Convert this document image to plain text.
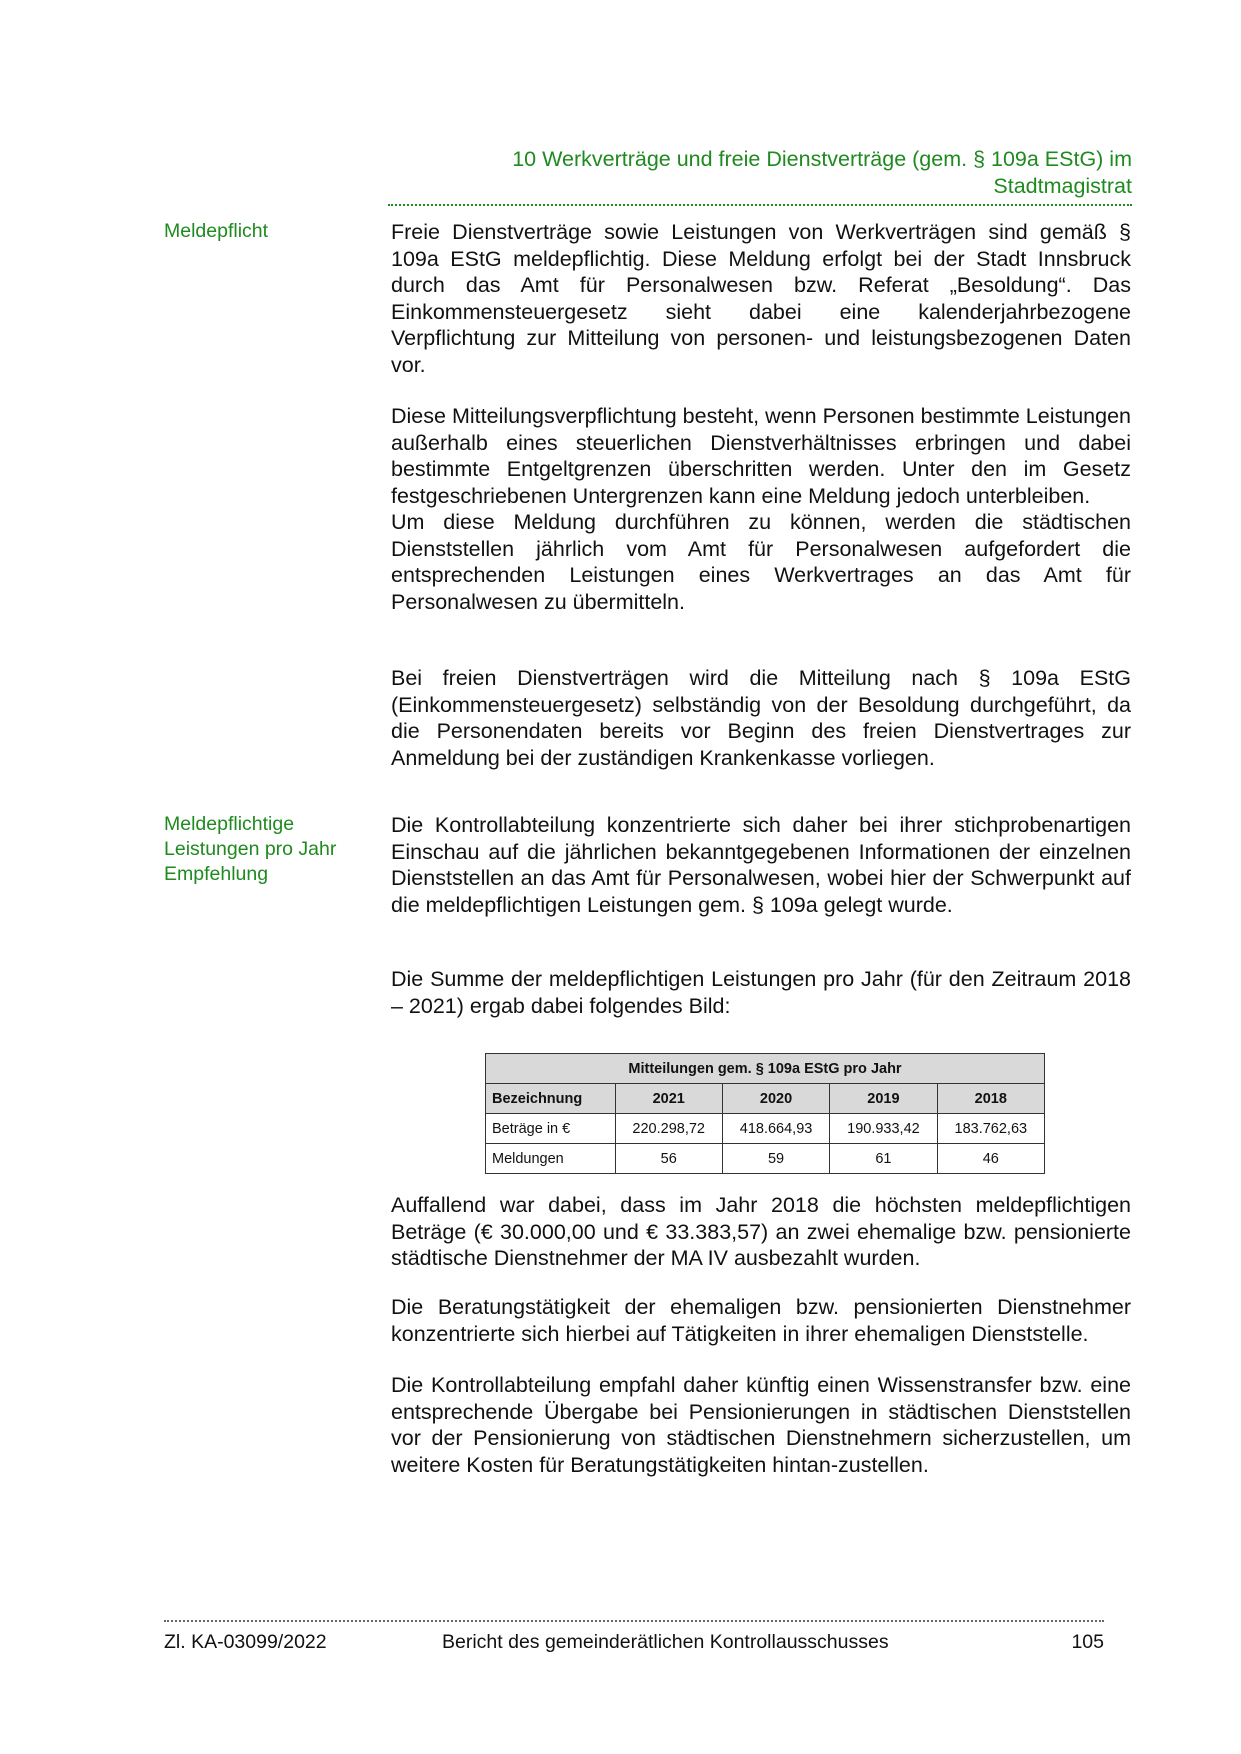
10 Werkverträge und freie Dienstverträge (gem. § 109a EStG) im
Stadtmagistrat
Meldepflicht
Meldepflichtige
Leistungen pro Jahr
Empfehlung

Freie Dienstverträge sowie Leistungen von Werkverträgen sind gemäß § 109a EStG meldepflichtig. Diese Meldung erfolgt bei der Stadt Innsbruck durch das Amt für Personalwesen bzw. Referat „Besoldung“. Das Einkommensteuergesetz sieht dabei eine kalenderjahrbezogene Verpflichtung zur Mitteilung von personen- und leistungsbezogenen Daten vor.

Diese Mitteilungsverpflichtung besteht, wenn Personen bestimmte Leistungen außerhalb eines steuerlichen Dienstverhältnisses erbringen und dabei bestimmte Entgeltgrenzen überschritten werden. Unter den im Gesetz festgeschriebenen Untergrenzen kann eine Meldung jedoch unterbleiben.

Um diese Meldung durchführen zu können, werden die städtischen Dienststellen jährlich vom Amt für Personalwesen aufgefordert die entsprechenden Leistungen eines Werkvertrages an das Amt für Personalwesen zu übermitteln.

Bei freien Dienstverträgen wird die Mitteilung nach § 109a EStG (Einkommensteuergesetz) selbständig von der Besoldung durchgeführt, da die Personendaten bereits vor Beginn des freien Dienstvertrages zur Anmeldung bei der zuständigen Krankenkasse vorliegen.

Die Kontrollabteilung konzentrierte sich daher bei ihrer stichprobenartigen Einschau auf die jährlichen bekanntgegebenen Informationen der einzelnen Dienststellen an das Amt für Personalwesen, wobei hier der Schwerpunkt auf die meldepflichtigen Leistungen gem. § 109a gelegt wurde.

Die Summe der meldepflichtigen Leistungen pro Jahr (für den Zeitraum 2018 – 2021) ergab dabei folgendes Bild:

Mitteilungen gem. § 109a EStG pro Jahr				
Bezeichnung	2021	2020	2019	2018
Beträge in €	220.298,72	418.664,93	190.933,42	183.762,63
Meldungen	56	59	61	46

Auffallend war dabei, dass im Jahr 2018 die höchsten meldepflichtigen Beträge (€ 30.000,00 und € 33.383,57) an zwei ehemalige bzw. pensionierte städtische Dienstnehmer der MA IV ausbezahlt wurden.

Die Beratungstätigkeit der ehemaligen bzw. pensionierten Dienstnehmer konzentrierte sich hierbei auf Tätigkeiten in ihrer ehemaligen Dienststelle.

Die Kontrollabteilung empfahl daher künftig einen Wissenstransfer bzw. eine entsprechende Übergabe bei Pensionierungen in städtischen Dienststellen vor der Pensionierung von städtischen Dienstnehmern sicherzustellen, um weitere Kosten für Beratungstätigkeiten hintan-zustellen.

Zl. KA-03099/2022	Bericht des gemeinderätlichen Kontrollausschusses	105
